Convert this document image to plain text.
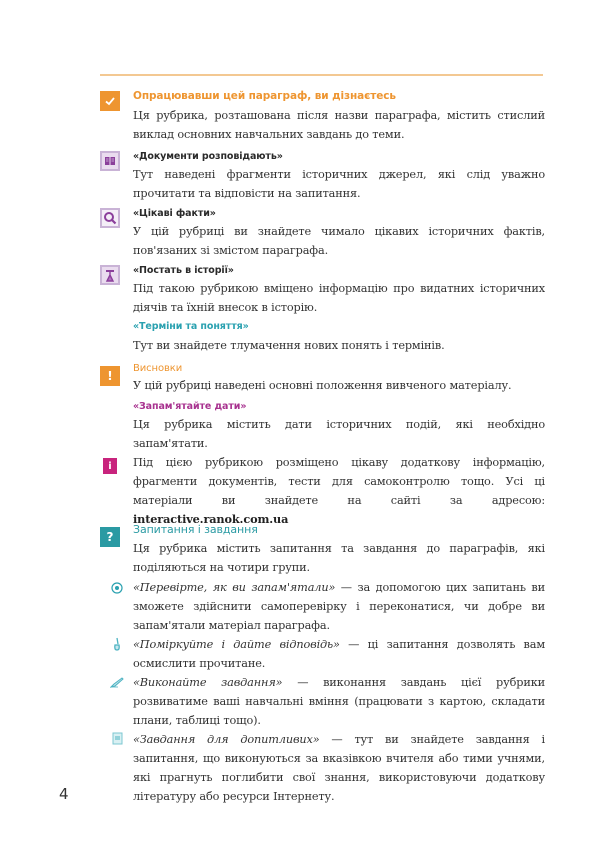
Опрацювавши цей параграф, ви дізнаєтесь
Ця рубрика, розташована після назви параграфа, містить стислий виклад основних навчальних завдань до теми.
«Документи розповідають»
Тут наведені фрагменти історичних джерел, які слід уважно прочитати та відповісти на запитання.
«Цікаві факти»
У цій рубриці ви знайдете чимало цікавих історичних фактів, пов'язаних зі змістом параграфа.
«Постать в історії»
Під такою рубрикою вміщено інформацію про видатних історичних діячів та їхній внесок в історію.
«Терміни та поняття»
Тут ви знайдете тлумачення нових понять і термінів.
!
Висновки
У цій рубриці наведені основні положення вивченого матеріалу.
«Запам'ятайте дати»
Ця рубрика містить дати історичних подій, які необхідно запам'ятати.
i	Під цією рубрикою розміщено цікаву додаткову інформацію, фрагменти документів, тести для самоконтролю тощо. Усі ці матеріали ви знайдете на сайті за адресою: interactive.ranok.com.ua
?
Запитання і завдання
Ця рубрика містить запитання та завдання до параграфів, які поділяються на чотири групи.
«Перевірте, як ви запам'ятали» — за допомогою цих запитань ви зможете здійснити самоперевірку і переконатися, чи добре ви запам'ятали матеріал параграфа.
«Поміркуйте і дайте відповідь» — ці запитання дозволять вам осмислити прочитане.
«Виконайте завдання» — виконання завдань цієї рубрики розвиватиме ваші навчальні вміння (працювати з картою, складати плани, таблиці тощо).
«Завдання для допитливих» — тут ви знайдете завдання і запитання, що виконуються за вказівкою вчителя або тими учнями, які прагнуть поглибити свої знання, використовуючи додаткову літературу або ресурси Інтернету.
4
